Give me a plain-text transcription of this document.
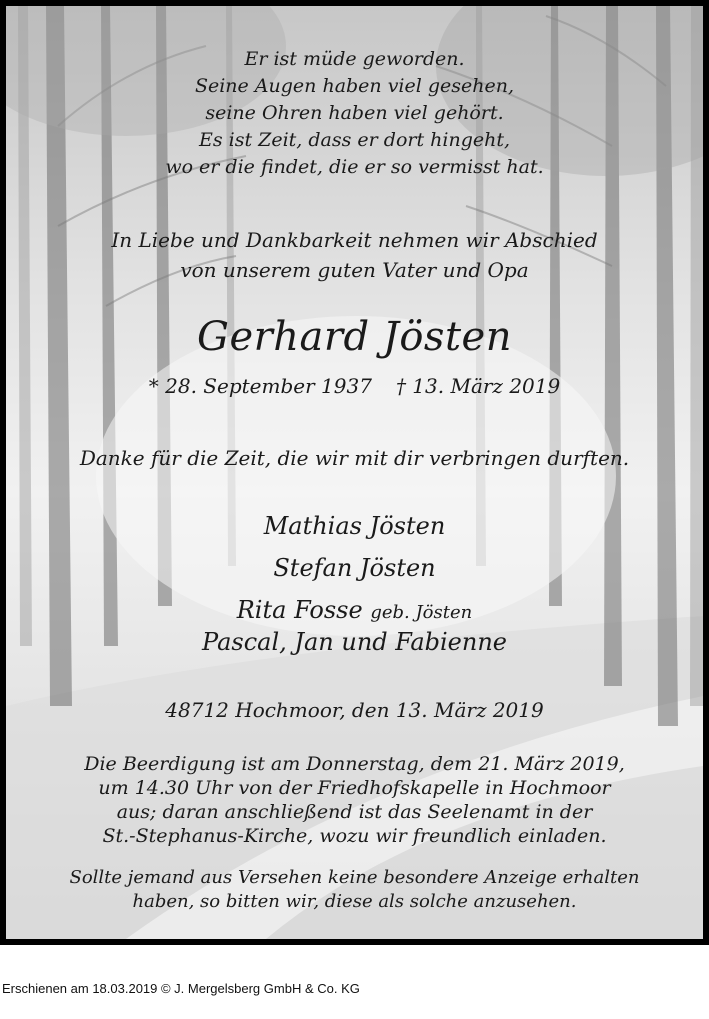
Er ist müde geworden.
Seine Augen haben viel gesehen,
seine Ohren haben viel gehört.
Es ist Zeit, dass er dort hingeht,
wo er die findet, die er so vermisst hat.
In Liebe und Dankbarkeit nehmen wir Abschied
von unserem guten Vater und Opa
Gerhard Jösten
* 28. September 1937 † 13. März 2019
Danke für die Zeit, die wir mit dir verbringen durften.
Mathias Jösten
Stefan Jösten
Rita Fosse geb. Jösten
Pascal, Jan und Fabienne
48712 Hochmoor, den 13. März 2019
Die Beerdigung ist am Donnerstag, dem 21. März 2019,
um 14.30 Uhr von der Friedhofskapelle in Hochmoor
aus; daran anschließend ist das Seelenamt in der
St.-Stephanus-Kirche, wozu wir freundlich einladen.
Sollte jemand aus Versehen keine besondere Anzeige erhalten
haben, so bitten wir, diese als solche anzusehen.
Erschienen am 18.03.2019 © J. Mergelsberg GmbH & Co. KG
